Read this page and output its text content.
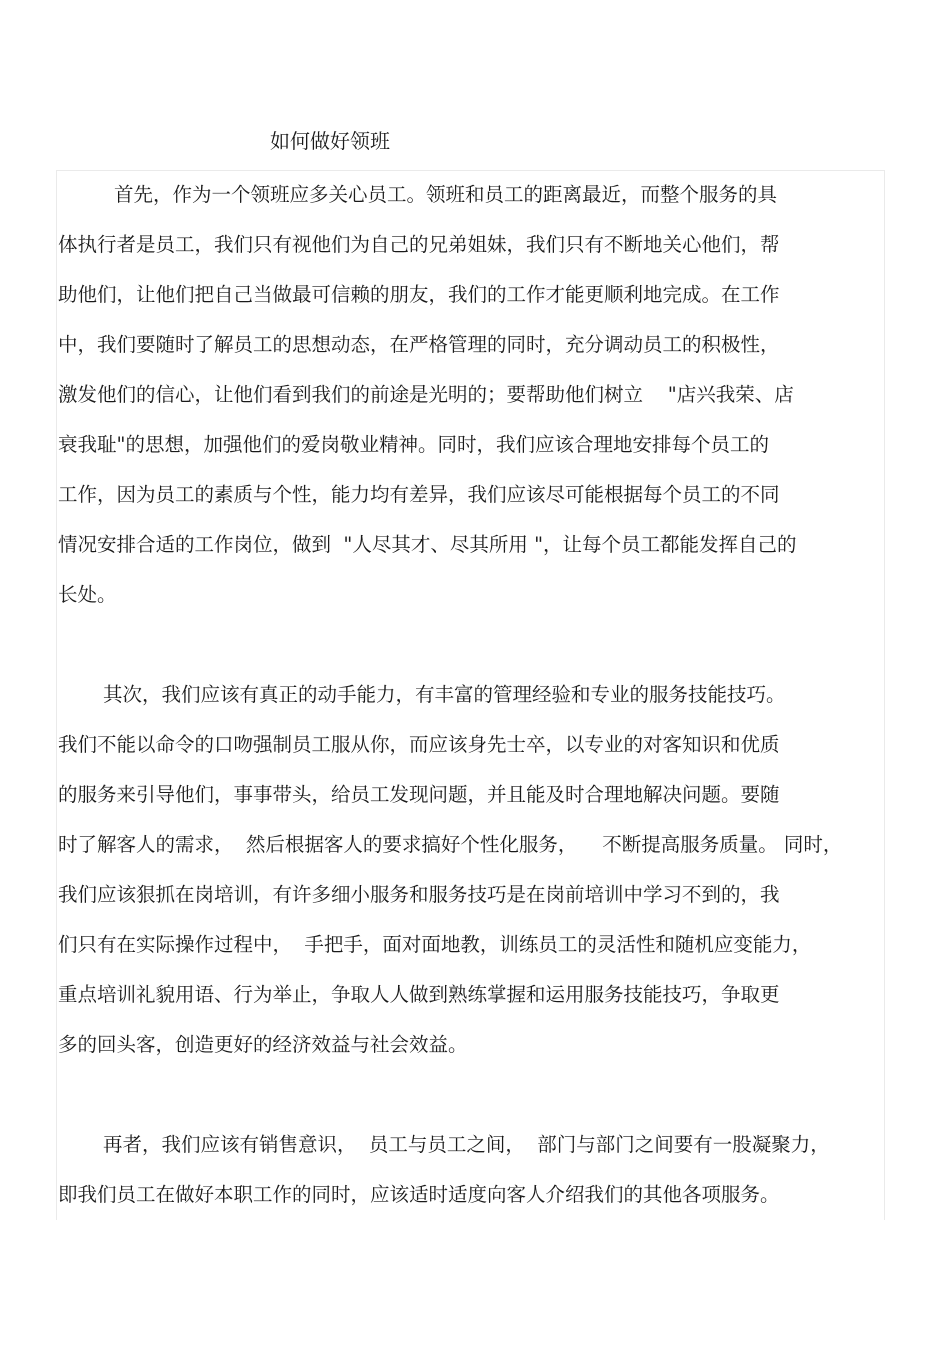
如何做好领班
首先，作为一个领班应多关心员工。领班和员工的距离最近，而整个服务的具
体执行者是员工，我们只有视他们为自己的兄弟姐妹，我们只有不断地关心他们，帮
助他们，让他们把自己当做最可信赖的朋友，我们的工作才能更顺利地完成。在工作
中，我们要随时了解员工的思想动态，在严格管理的同时，充分调动员工的积极性，
激发他们的信心，让他们看到我们的前途是光明的；要帮助他们树立    "店兴我荣、店
衰我耻"的思想，加强他们的爱岗敬业精神。同时，我们应该合理地安排每个员工的
工作，因为员工的素质与个性，能力均有差异，我们应该尽可能根据每个员工的不同
情况安排合适的工作岗位，做到  "人尽其才、尽其所用 "，让每个员工都能发挥自己的
长处。
其次，我们应该有真正的动手能力，有丰富的管理经验和专业的服务技能技巧。
我们不能以命令的口吻强制员工服从你，而应该身先士卒，以专业的对客知识和优质
的服务来引导他们，事事带头，给员工发现问题，并且能及时合理地解决问题。要随
时了解客人的需求，  然后根据客人的要求搞好个性化服务，    不断提高服务质量。 同时，
我们应该狠抓在岗培训，有许多细小服务和服务技巧是在岗前培训中学习不到的，我
们只有在实际操作过程中，  手把手，面对面地教，训练员工的灵活性和随机应变能力，
重点培训礼貌用语、行为举止，争取人人做到熟练掌握和运用服务技能技巧，争取更
多的回头客，创造更好的经济效益与社会效益。
再者，我们应该有销售意识，  员工与员工之间，  部门与部门之间要有一股凝聚力，
即我们员工在做好本职工作的同时，应该适时适度向客人介绍我们的其他各项服务。
